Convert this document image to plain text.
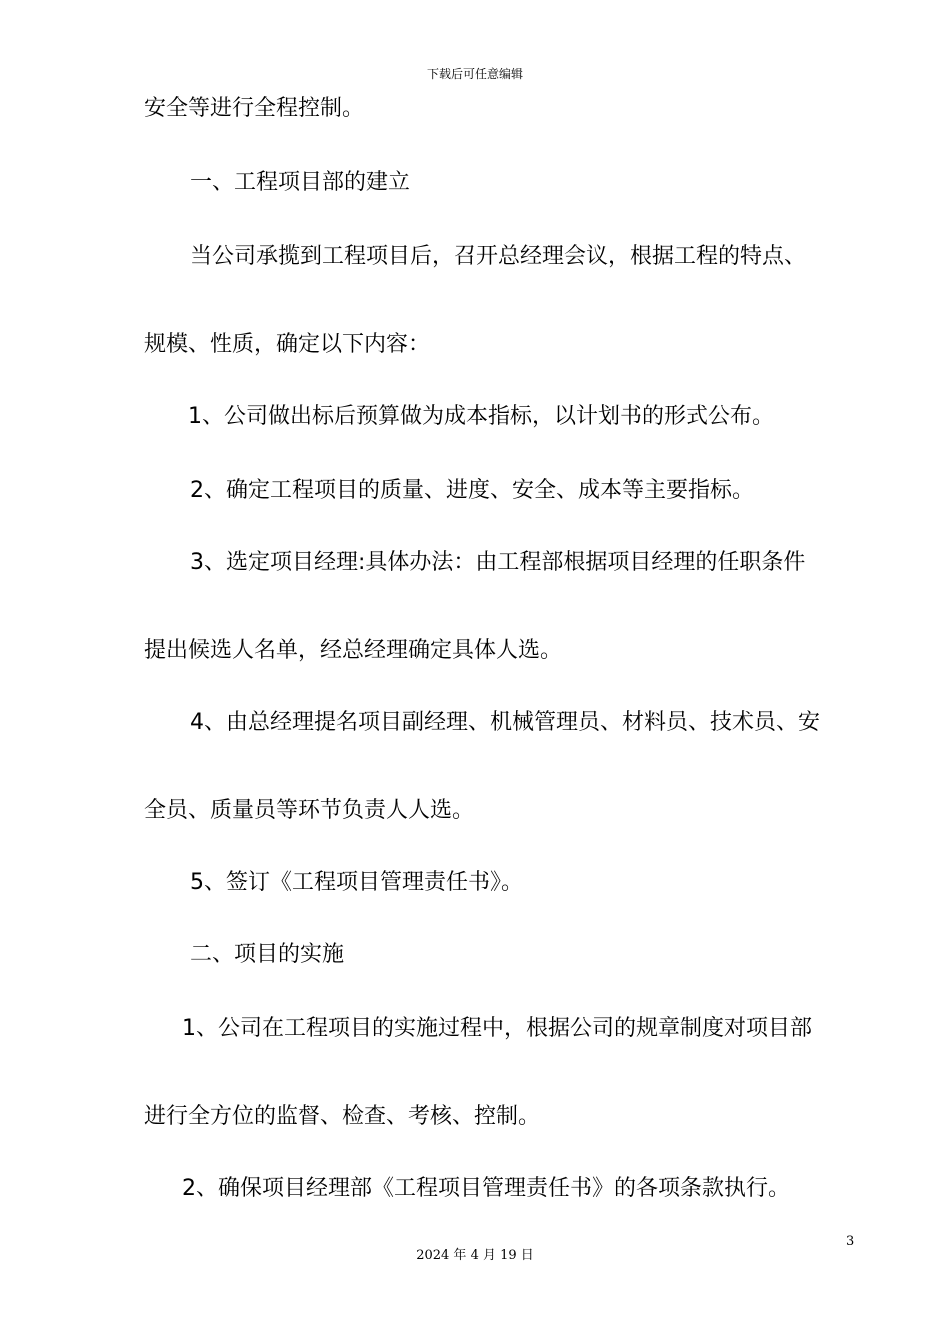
下载后可任意编辑

安全等进行全程控制。

一、工程项目部的建立

当公司承揽到工程项目后，召开总经理会议，根据工程的特点、

规模、性质，确定以下内容：

1、公司做出标后预算做为成本指标，以计划书的形式公布。

2、确定工程项目的质量、进度、安全、成本等主要指标。

3、选定项目经理:具体办法：由工程部根据项目经理的任职条件

提出候选人名单，经总经理确定具体人选。

4、由总经理提名项目副经理、机械管理员、材料员、技术员、安

全员、质量员等环节负责人人选。

5、签订《工程项目管理责任书》。

二、项目的实施

1、公司在工程项目的实施过程中，根据公司的规章制度对项目部

进行全方位的监督、检查、考核、控制。

2、确保项目经理部《工程项目管理责任书》的各项条款执行。

3
2024 年 4 月 19 日
